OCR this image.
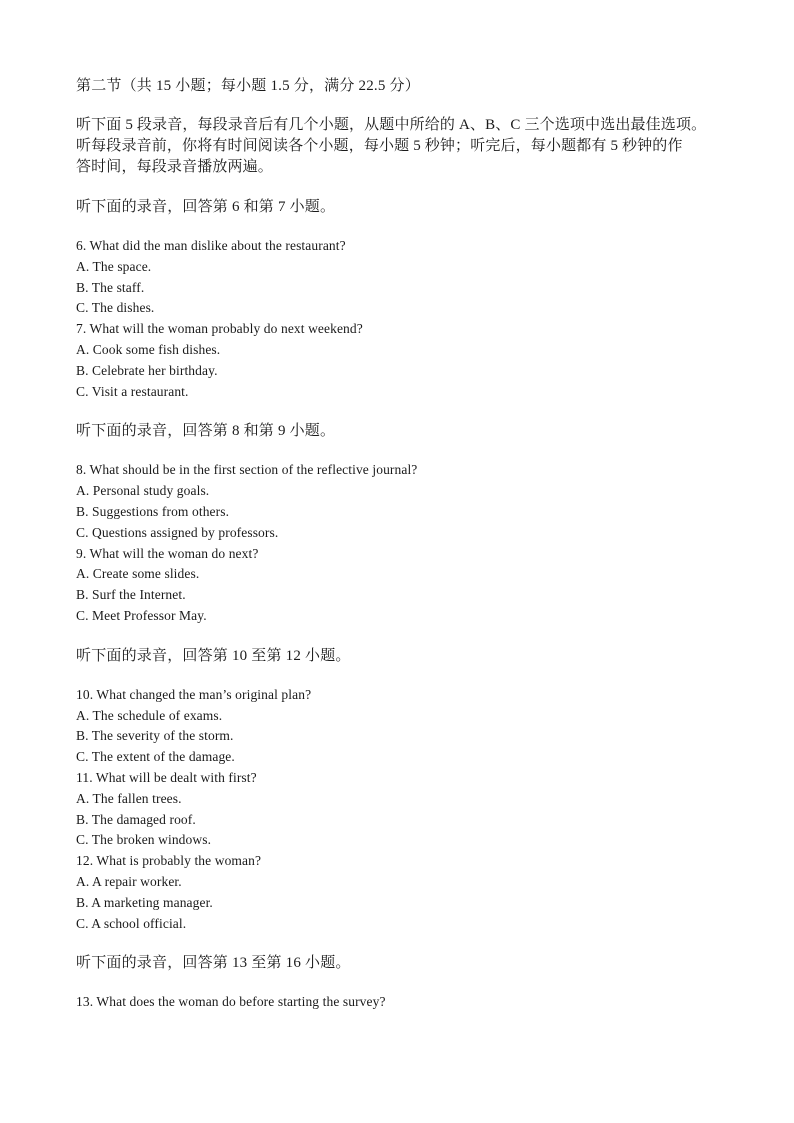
第二节（共 15 小题；每小题 1.5 分，满分 22.5 分）

听下面 5 段录音，每段录音后有几个小题，从题中所给的 A、B、C 三个选项中选出最佳选项。
听每段录音前，你将有时间阅读各个小题，每小题 5 秒钟；听完后，每小题都有 5 秒钟的作
答时间，每段录音播放两遍。
听下面的录音，回答第 6 和第 7 小题。
6. What did the man dislike about the restaurant?
A. The space.
B. The staff.
C. The dishes.
7. What will the woman probably do next weekend?
A. Cook some fish dishes.
B. Celebrate her birthday.
C. Visit a restaurant.
听下面的录音，回答第 8 和第 9 小题。
8. What should be in the first section of the reflective journal?
A. Personal study goals.
B. Suggestions from others.
C. Questions assigned by professors.
9. What will the woman do next?
A. Create some slides.
B. Surf the Internet.
C. Meet Professor May.
听下面的录音，回答第 10 至第 12 小题。
10. What changed the man’s original plan?
A. The schedule of exams.
B. The severity of the storm.
C. The extent of the damage.
11. What will be dealt with first?
A. The fallen trees.
B. The damaged roof.
C. The broken windows.
12. What is probably the woman?
A. A repair worker.
B. A marketing manager.
C. A school official.
听下面的录音，回答第 13 至第 16 小题。
13. What does the woman do before starting the survey?
